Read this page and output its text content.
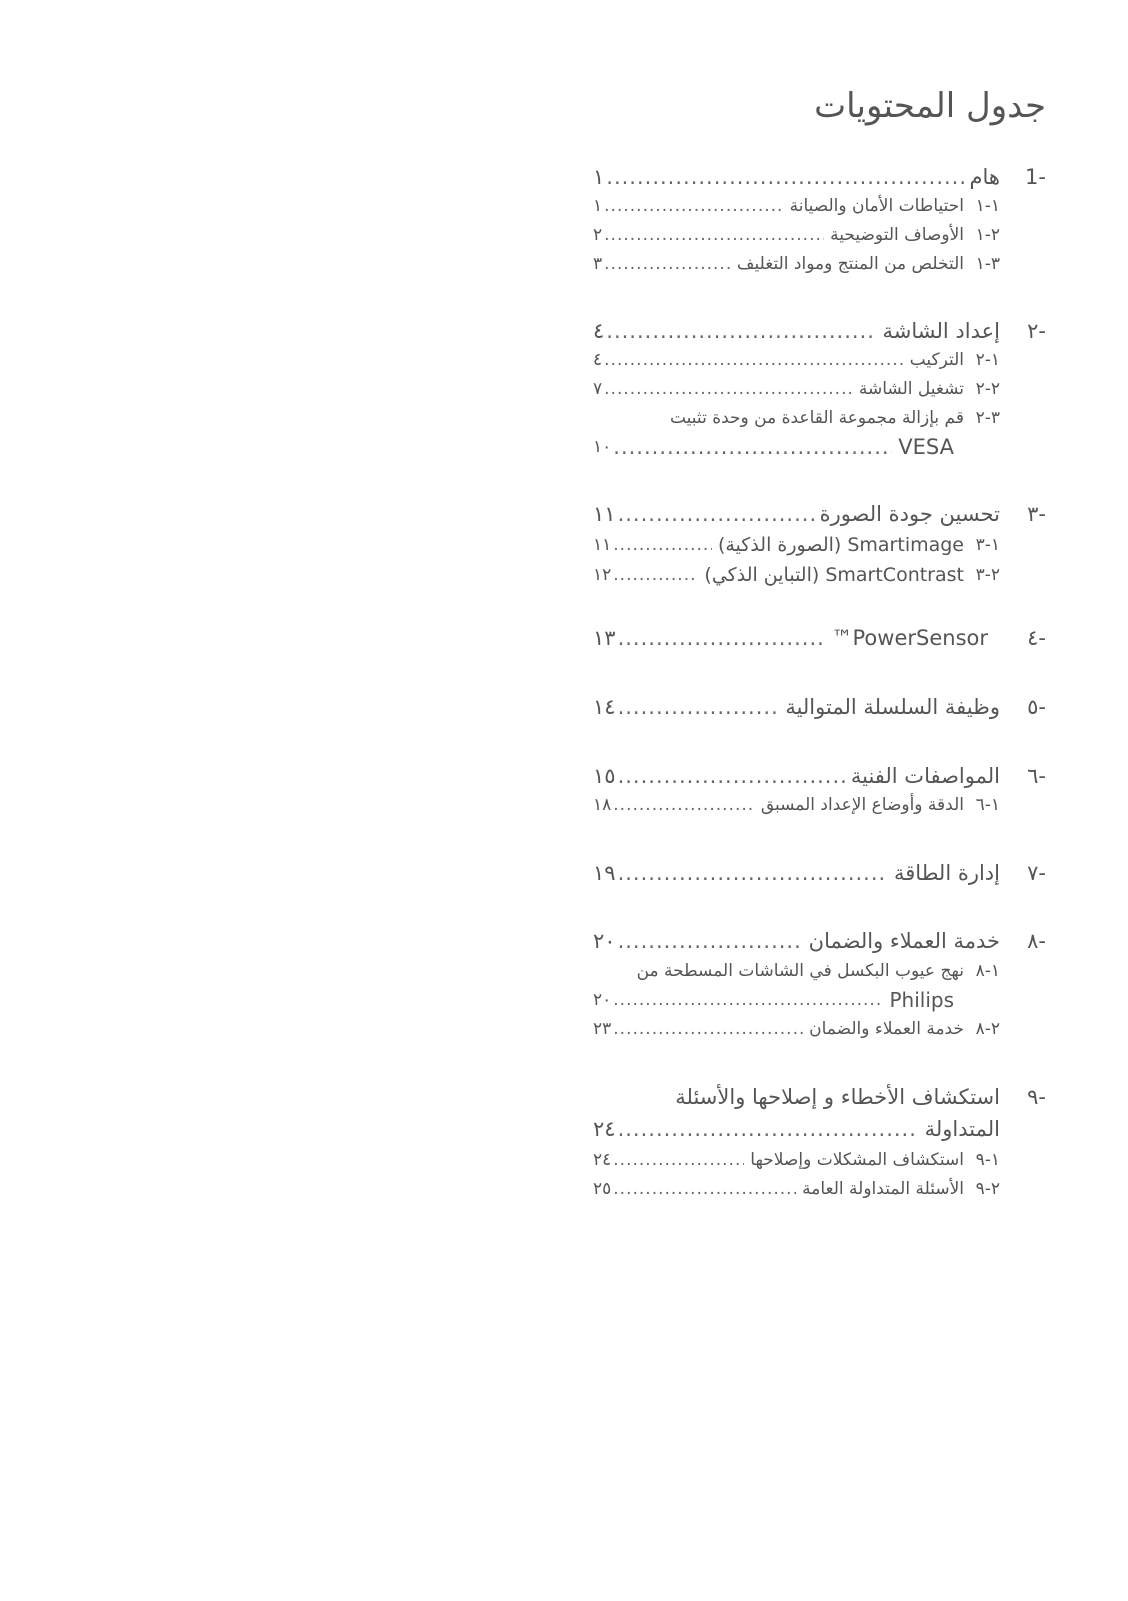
جدول المحتويات
-1
هام
.....
١
١-١
احتياطات الأمان والصيانة
.....
١
٢-١
الأوصاف التوضيحية
.....
٢
٣-١
التخلص من المنتج ومواد التغليف
.....
٣
-٢
إعداد الشاشة
.....
٤
١-٢
التركيب
.....
٤
٢-٢
تشغيل الشاشة
.....
٧
٣-٢
قم بإزالة مجموعة القاعدة من وحدة تثبيت
VESA
.....
١٠
-٣
تحسين جودة الصورة
.....
١١
١-٣
Smartimage (الصورة الذكية)
.....
١١
٢-٣
SmartContrast (التباين الذكي)
.....
١٢
-٤
PowerSensor™
.....
١٣
-٥
وظيفة السلسلة المتوالية
.....
١٤
-٦
المواصفات الفنية
.....
١٥
١-٦
الدقة وأوضاع الإعداد المسبق
.....
١٨
-٧
إدارة الطاقة
.....
١٩
-٨
خدمة العملاء والضمان
.....
٢٠
١-٨
نهج عيوب البكسل في الشاشات المسطحة من
Philips
.....
٢٠
٢-٨
خدمة العملاء والضمان
.....
٢٣
-٩
استكشاف الأخطاء و إصلاحها والأسئلة
المتداولة
.....
٢٤
١-٩
استكشاف المشكلات وإصلاحها
.....
٢٤
٢-٩
الأسئلة المتداولة العامة
.....
٢٥
